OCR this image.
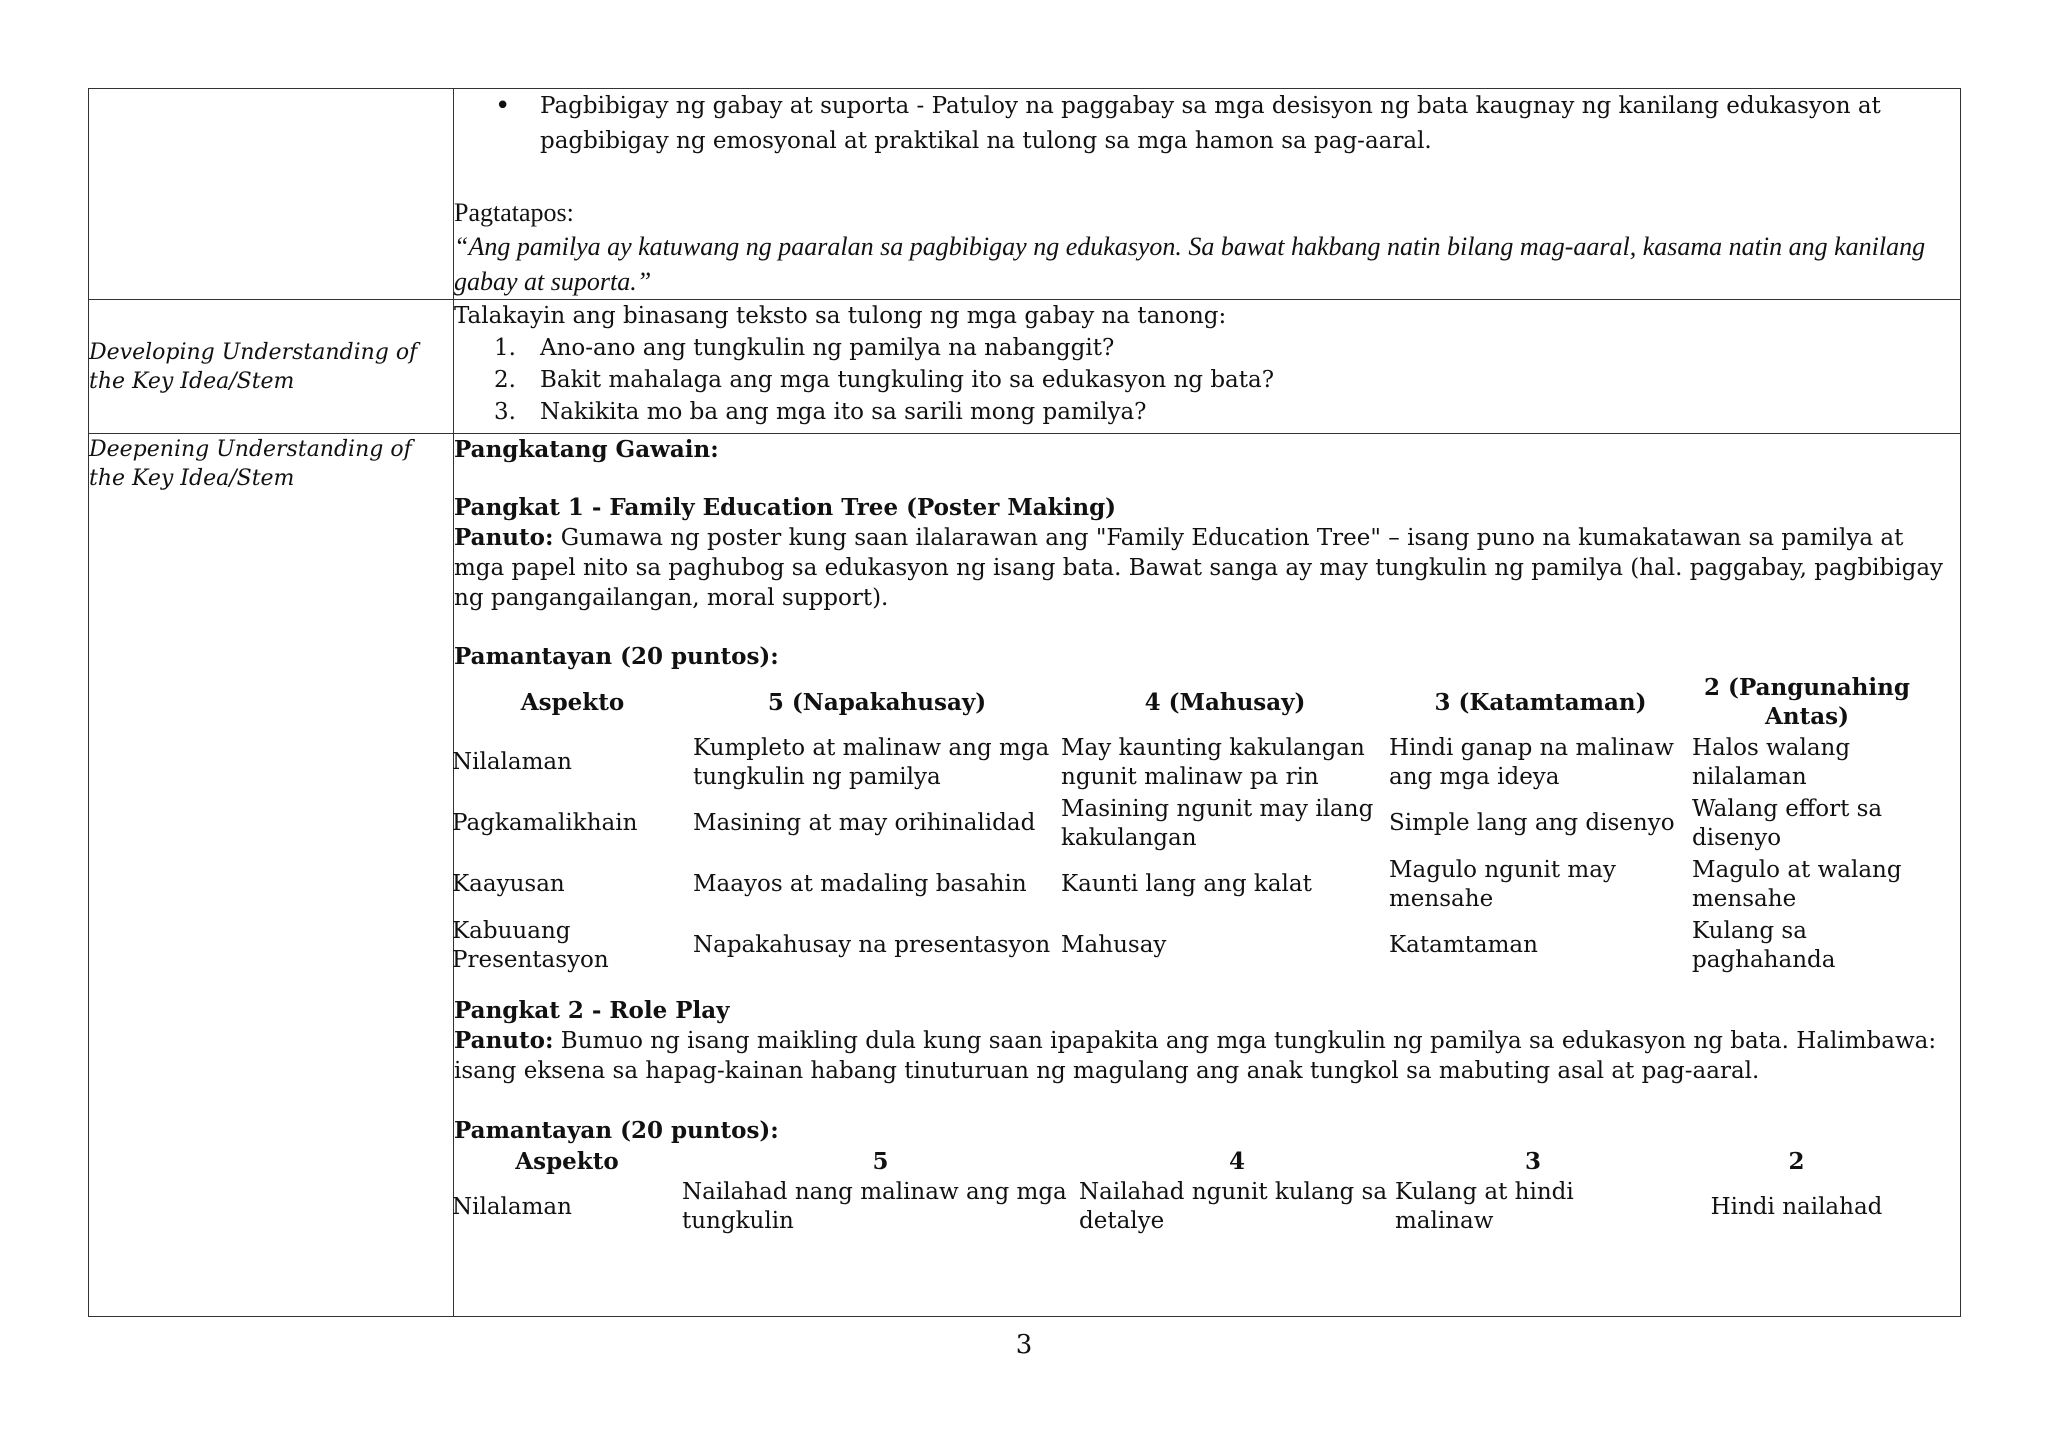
• Pagbibigay ng gabay at suporta - Patuloy na paggabay sa mga desisyon ng bata kaugnay ng kanilang edukasyon at pagbibigay ng emosyonal at praktikal na tulong sa mga hamon sa pag-aaral.
Pagtatapos:
“Ang pamilya ay katuwang ng paaralan sa pagbibigay ng edukasyon. Sa bawat hakbang natin bilang mag-aaral, kasama natin ang kanilang gabay at suporta.”

Developing Understanding of the Key Idea/Stem

Talakayin ang binasang teksto sa tulong ng mga gabay na tanong:
1. Ano-ano ang tungkulin ng pamilya na nabanggit?
2. Bakit mahalaga ang mga tungkuling ito sa edukasyon ng bata?
3. Nakikita mo ba ang mga ito sa sarili mong pamilya?

Deepening Understanding of the Key Idea/Stem

Pangkatang Gawain:
Pangkat 1 - Family Education Tree (Poster Making)
Panuto: Gumawa ng poster kung saan ilalarawan ang "Family Education Tree" – isang puno na kumakatawan sa pamilya at mga papel nito sa paghubog sa edukasyon ng isang bata. Bawat sanga ay may tungkulin ng pamilya (hal. paggabay, pagbibigay ng pangangailangan, moral support).
Pamantayan (20 puntos):
Aspekto	5 (Napakahusay)	4 (Mahusay)	3 (Katamtaman)	2 (Pangunahing Antas)
Nilalaman	Kumpleto at malinaw ang mga tungkulin ng pamilya	May kaunting kakulangan ngunit malinaw pa rin	Hindi ganap na malinaw ang mga ideya	Halos walang nilalaman
Pagkamalikhain	Masining at may orihinalidad	Masining ngunit may ilang kakulangan	Simple lang ang disenyo	Walang effort sa disenyo
Kaayusan	Maayos at madaling basahin	Kaunti lang ang kalat	Magulo ngunit may mensahe	Magulo at walang mensahe
Kabuuang Presentasyon	Napakahusay na presentasyon	Mahusay	Katamtaman	Kulang sa paghahanda
Pangkat 2 - Role Play
Panuto: Bumuo ng isang maikling dula kung saan ipapakita ang mga tungkulin ng pamilya sa edukasyon ng bata. Halimbawa: isang eksena sa hapag-kainan habang tinuturuan ng magulang ang anak tungkol sa mabuting asal at pag-aaral.
Pamantayan (20 puntos):
Aspekto	5	4	3	2
Nilalaman	Nailahad nang malinaw ang mga tungkulin	Nailahad ngunit kulang sa detalye	Kulang at hindi malinaw	Hindi nailahad
3
